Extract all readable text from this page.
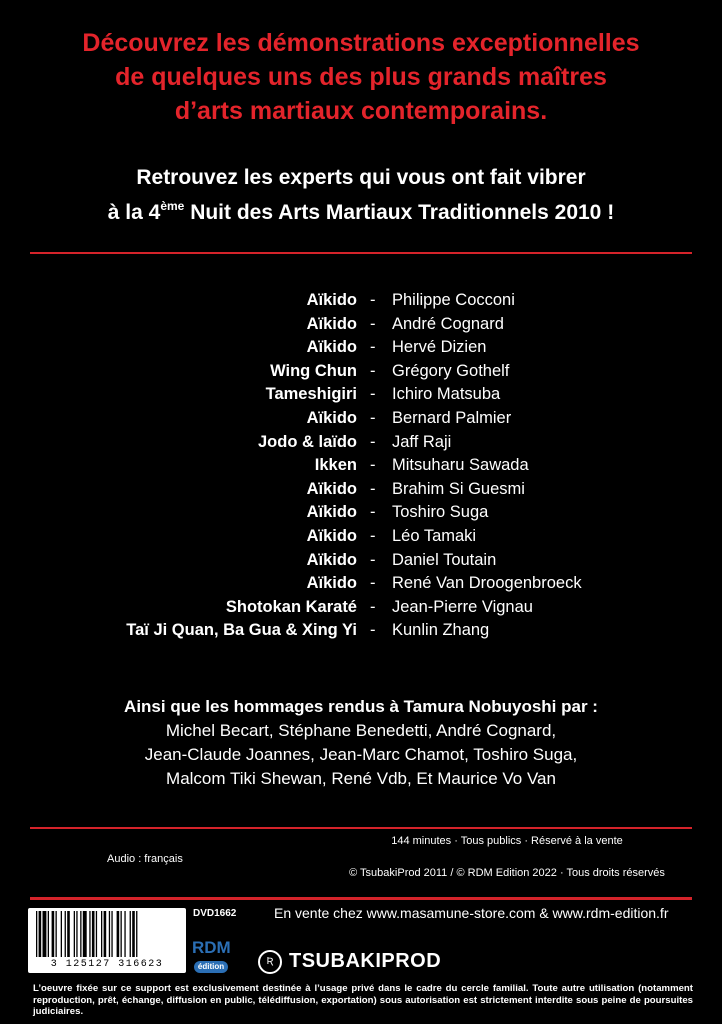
Découvrez les démonstrations exceptionnelles
de quelques uns des plus grands maîtres
d’arts martiaux contemporains.
Retrouvez les experts qui vous ont fait vibrer
à la 4ème Nuit des Arts Martiaux Traditionnels 2010 !
Aïkido - Philippe Cocconi
Aïkido - André Cognard
Aïkido - Hervé Dizien
Wing Chun - Grégory Gothelf
Tameshigiri - Ichiro Matsuba
Aïkido - Bernard Palmier
Jodo & laïdo - Jaff Raji
Ikken - Mitsuharu Sawada
Aïkido - Brahim Si Guesmi
Aïkido - Toshiro Suga
Aïkido - Léo Tamaki
Aïkido - Daniel Toutain
Aïkido - René Van Droogenbroeck
Shotokan Karaté - Jean-Pierre Vignau
Taï Ji Quan, Ba Gua & Xing Yi - Kunlin Zhang
Ainsi que les hommages rendus à Tamura Nobuyoshi par :
Michel Becart, Stéphane Benedetti, André Cognard,
Jean-Claude Joannes, Jean-Marc Chamot, Toshiro Suga,
Malcom Tiki Shewan, René Vdb, Et Maurice Vo Van
Audio : français
144 minutes · Tous publics · Réservé à la vente
© TsubakiProd 2011 / © RDM Edition 2022 · Tous droits réservés
3 125127 316623
DVD1662	En vente chez www.masamune-store.com & www.rdm-edition.fr
RDM
édition	Ʀ TSUBAKIPROD
L’oeuvre fixée sur ce support est exclusivement destinée à l’usage privé dans le cadre du cercle familial. Toute autre utilisation (notamment reproduction, prêt, échange, diffusion en public, télédiffusion, exportation) sous autorisation est strictement interdite sous peine de poursuites judiciaires.
